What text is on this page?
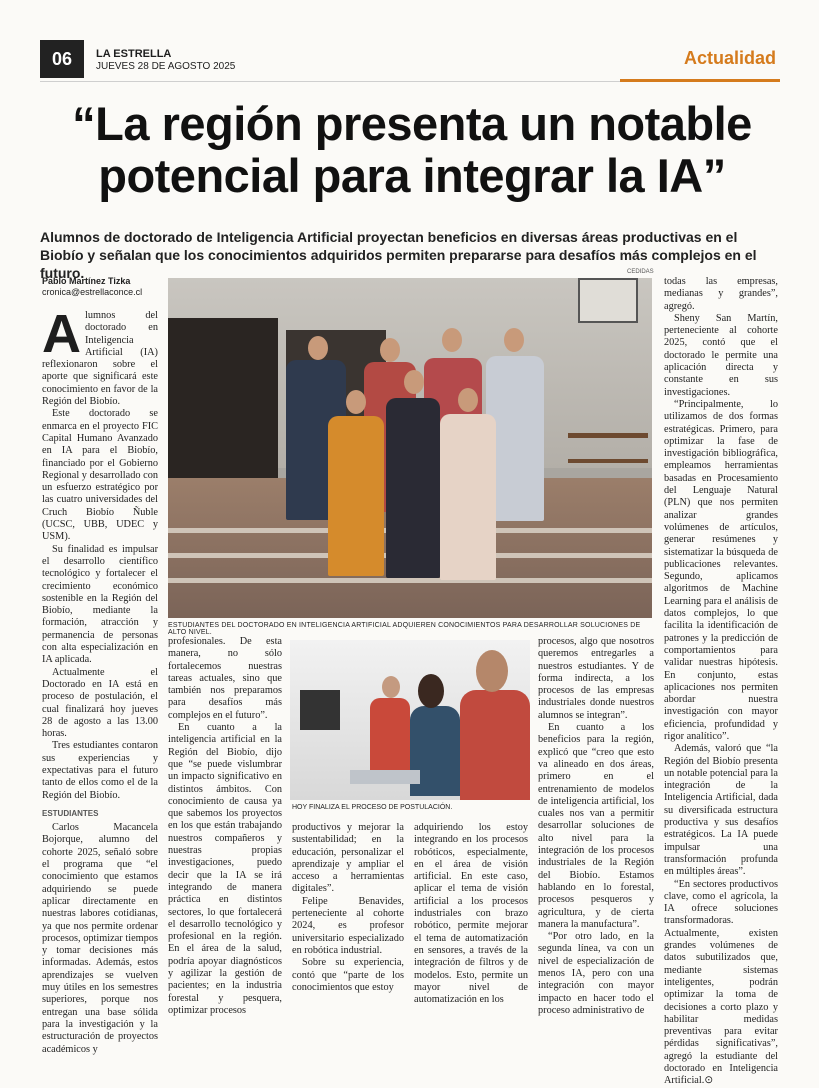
06	LA ESTRELLA
JUEVES 28 DE AGOSTO 2025	Actualidad
“La región presenta un notable potencial para integrar la IA”
Alumnos de doctorado de Inteligencia Artificial proyectan beneficios en diversas áreas productivas en el Biobío y señalan que los conocimientos adquiridos permiten prepararse para desafíos más complejos en el futuro.
Pablo Martínez Tizka
cronica@estrellaconce.cl
CEDIDAS
ESTUDIANTES DEL DOCTORADO EN INTELIGENCIA ARTIFICIAL ADQUIEREN CONOCIMIENTOS PARA DESARROLLAR SOLUCIONES DE ALTO NIVEL.
HOY FINALIZA EL PROCESO DE POSTULACIÓN.

Alumnos del doctorado en Inteligencia Artificial (IA) reflexionaron sobre el aporte que significará este conocimiento en favor de la Región del Biobío.

Este doctorado se enmarca en el proyecto FIC Capital Humano Avanzado en IA para el Biobío, financiado por el Gobierno Regional y desarrollado con un esfuerzo estratégico por las cuatro universidades del Cruch Biobío Ñuble (UCSC, UBB, UDEC y USM).

Su finalidad es impulsar el desarrollo científico tecnológico y fortalecer el crecimiento económico sostenible en la Región del Biobío, mediante la formación, atracción y permanencia de personas con alta especialización en IA aplicada.

Actualmente el Doctorado en IA está en proceso de postulación, el cual finalizará hoy jueves 28 de agosto a las 13.00 horas.

Tres estudiantes contaron sus experiencias y expectativas para el futuro tanto de ellos como el de la Región del Biobío.

ESTUDIANTES

Carlos Macancela Bojorque, alumno del cohorte 2025, señaló sobre el programa que “el conocimiento que estamos adquiriendo se puede aplicar directamente en nuestras labores cotidianas, ya que nos permite ordenar procesos, optimizar tiempos y tomar decisiones más informadas. Además, estos aprendizajes se vuelven muy útiles en los semestres superiores, porque nos entregan una base sólida para la investigación y la estructuración de proyectos académicos y

profesionales. De esta manera, no sólo fortalecemos nuestras tareas actuales, sino que también nos preparamos para desafíos más complejos en el futuro”.

En cuanto a la inteligencia artificial en la Región del Biobío, dijo que “se puede vislumbrar un impacto significativo en distintos ámbitos. Con conocimiento de causa ya que sabemos los proyectos en los que están trabajando nuestros compañeros y nuestras propias investigaciones, puedo decir que la IA se irá integrando de manera práctica en distintos sectores, lo que fortalecerá el desarrollo tecnológico y profesional en la región. En el área de la salud, podría apoyar diagnósticos y agilizar la gestión de pacientes; en la industria forestal y pesquera, optimizar procesos

productivos y mejorar la sustentabilidad; en la educación, personalizar el aprendizaje y ampliar el acceso a herramientas digitales”.

Felipe Benavides, perteneciente al cohorte 2024, es profesor universitario especializado en robótica industrial.

Sobre su experiencia, contó que “parte de los conocimientos que estoy

adquiriendo los estoy integrando en los procesos robóticos, especialmente, en el área de visión artificial. En este caso, aplicar el tema de visión artificial a los procesos industriales con brazo robótico, permite mejorar el tema de automatización en sensores, a través de la integración de filtros y de modelos. Esto, permite un mayor nivel de automatización en los

procesos, algo que nosotros queremos entregarles a nuestros estudiantes. Y de forma indirecta, a los procesos de las empresas industriales donde nuestros alumnos se integran”.

En cuanto a los beneficios para la región, explicó que “creo que esto va alineado en dos áreas, primero en el entrenamiento de modelos de inteligencia artificial, los cuales nos van a permitir desarrollar soluciones de alto nivel para la integración de los procesos industriales de la Región del Biobío. Estamos hablando en lo forestal, procesos pesqueros y agricultura, y de cierta manera la manufactura”.

“Por otro lado, en la segunda línea, va con un nivel de especialización de menos IA, pero con una integración con mayor impacto en hacer todo el proceso administrativo de

todas las empresas, medianas y grandes”, agregó.

Sheny San Martín, perteneciente al cohorte 2025, contó que el doctorado le permite una aplicación directa y constante en sus investigaciones.

“Principalmente, lo utilizamos de dos formas estratégicas. Primero, para optimizar la fase de investigación bibliográfica, empleamos herramientas basadas en Procesamiento del Lenguaje Natural (PLN) que nos permiten analizar grandes volúmenes de artículos, generar resúmenes y sistematizar la búsqueda de publicaciones relevantes. Segundo, aplicamos algoritmos de Machine Learning para el análisis de datos complejos, lo que facilita la identificación de patrones y la predicción de comportamientos para validar nuestras hipótesis. En conjunto, estas aplicaciones nos permiten abordar nuestra investigación con mayor eficiencia, profundidad y rigor analítico”.

Además, valoró que “la Región del Biobío presenta un notable potencial para la integración de la Inteligencia Artificial, dada su diversificada estructura productiva y sus desafíos estratégicos. La IA puede impulsar una transformación profunda en múltiples áreas”.

“En sectores productivos clave, como el agrícola, la IA ofrece soluciones transformadoras. Actualmente, existen grandes volúmenes de datos subutilizados que, mediante sistemas inteligentes, podrán optimizar la toma de decisiones a corto plazo y habilitar medidas preventivas para evitar pérdidas significativas”, agregó la estudiante del doctorado en Inteligencia Artificial.⊙
